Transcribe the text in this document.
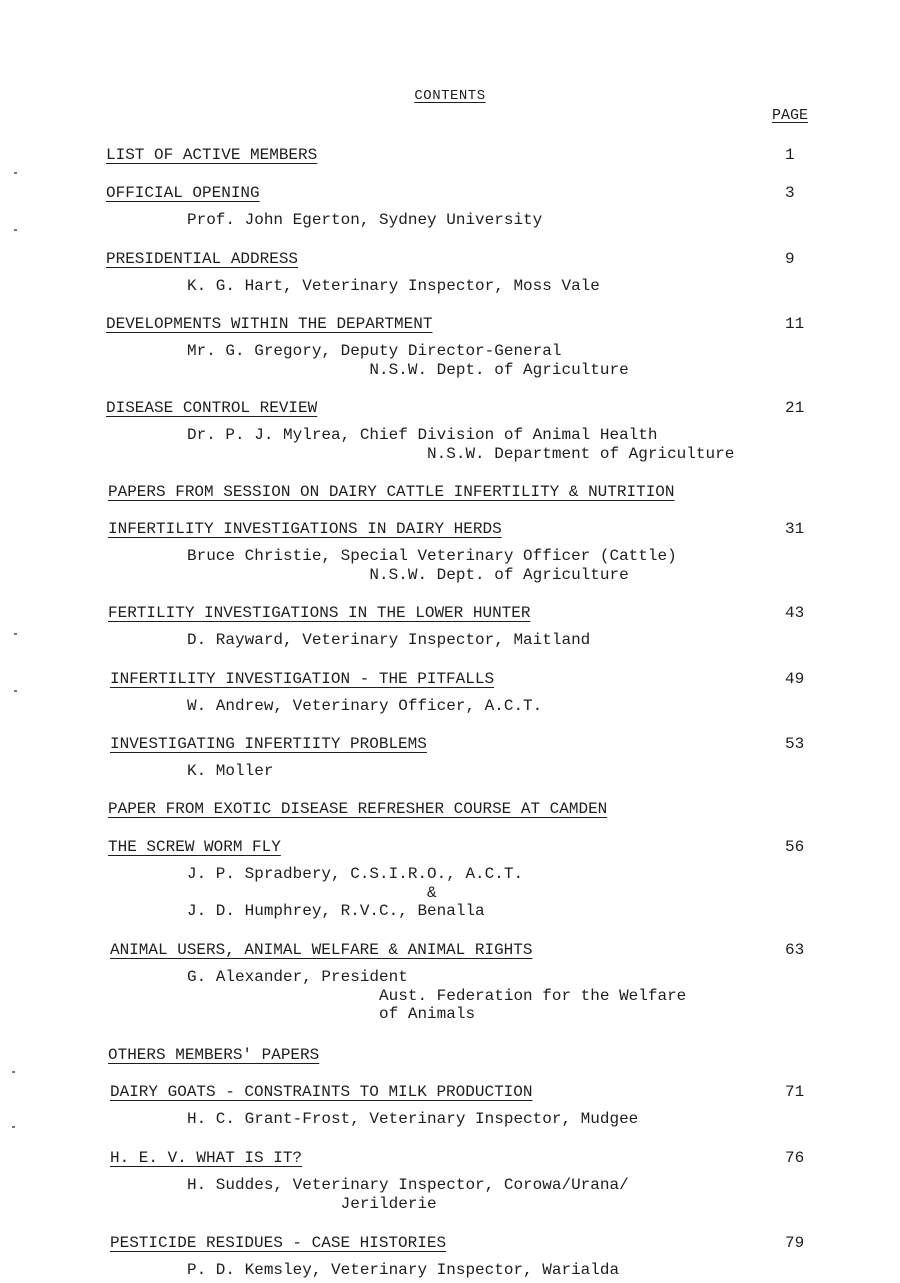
CONTENTS
PAGE
LIST OF ACTIVE MEMBERS	1
OFFICIAL OPENING	3
Prof. John Egerton, Sydney University
PRESIDENTIAL ADDRESS	9
K. G. Hart, Veterinary Inspector, Moss Vale
DEVELOPMENTS WITHIN THE DEPARTMENT	11
Mr. G. Gregory, Deputy Director-General
N.S.W. Dept. of Agriculture
DISEASE CONTROL REVIEW	21
Dr. P. J. Mylrea, Chief Division of Animal Health
N.S.W. Department of Agriculture
PAPERS FROM SESSION ON DAIRY CATTLE INFERTILITY & NUTRITION
INFERTILITY INVESTIGATIONS IN DAIRY HERDS	31
Bruce Christie, Special Veterinary Officer (Cattle)
N.S.W. Dept. of Agriculture
FERTILITY INVESTIGATIONS IN THE LOWER HUNTER	43
D. Rayward, Veterinary Inspector, Maitland
INFERTILITY INVESTIGATION - THE PITFALLS	49
W. Andrew, Veterinary Officer, A.C.T.
INVESTIGATING INFERTIITY PROBLEMS	53
K. Moller
PAPER FROM EXOTIC DISEASE REFRESHER COURSE AT CAMDEN
THE SCREW WORM FLY	56
J. P. Spradbery, C.S.I.R.O., A.C.T.
&
J. D. Humphrey, R.V.C., Benalla
ANIMAL USERS, ANIMAL WELFARE & ANIMAL RIGHTS	63
G. Alexander, President
Aust. Federation for the Welfare
of Animals
OTHERS MEMBERS' PAPERS
DAIRY GOATS - CONSTRAINTS TO MILK PRODUCTION	71
H. C. Grant-Frost, Veterinary Inspector, Mudgee
H. E. V. WHAT IS IT?	76
H. Suddes, Veterinary Inspector, Corowa/Urana/
Jerilderie
PESTICIDE RESIDUES - CASE HISTORIES	79
P. D. Kemsley, Veterinary Inspector, Warialda
